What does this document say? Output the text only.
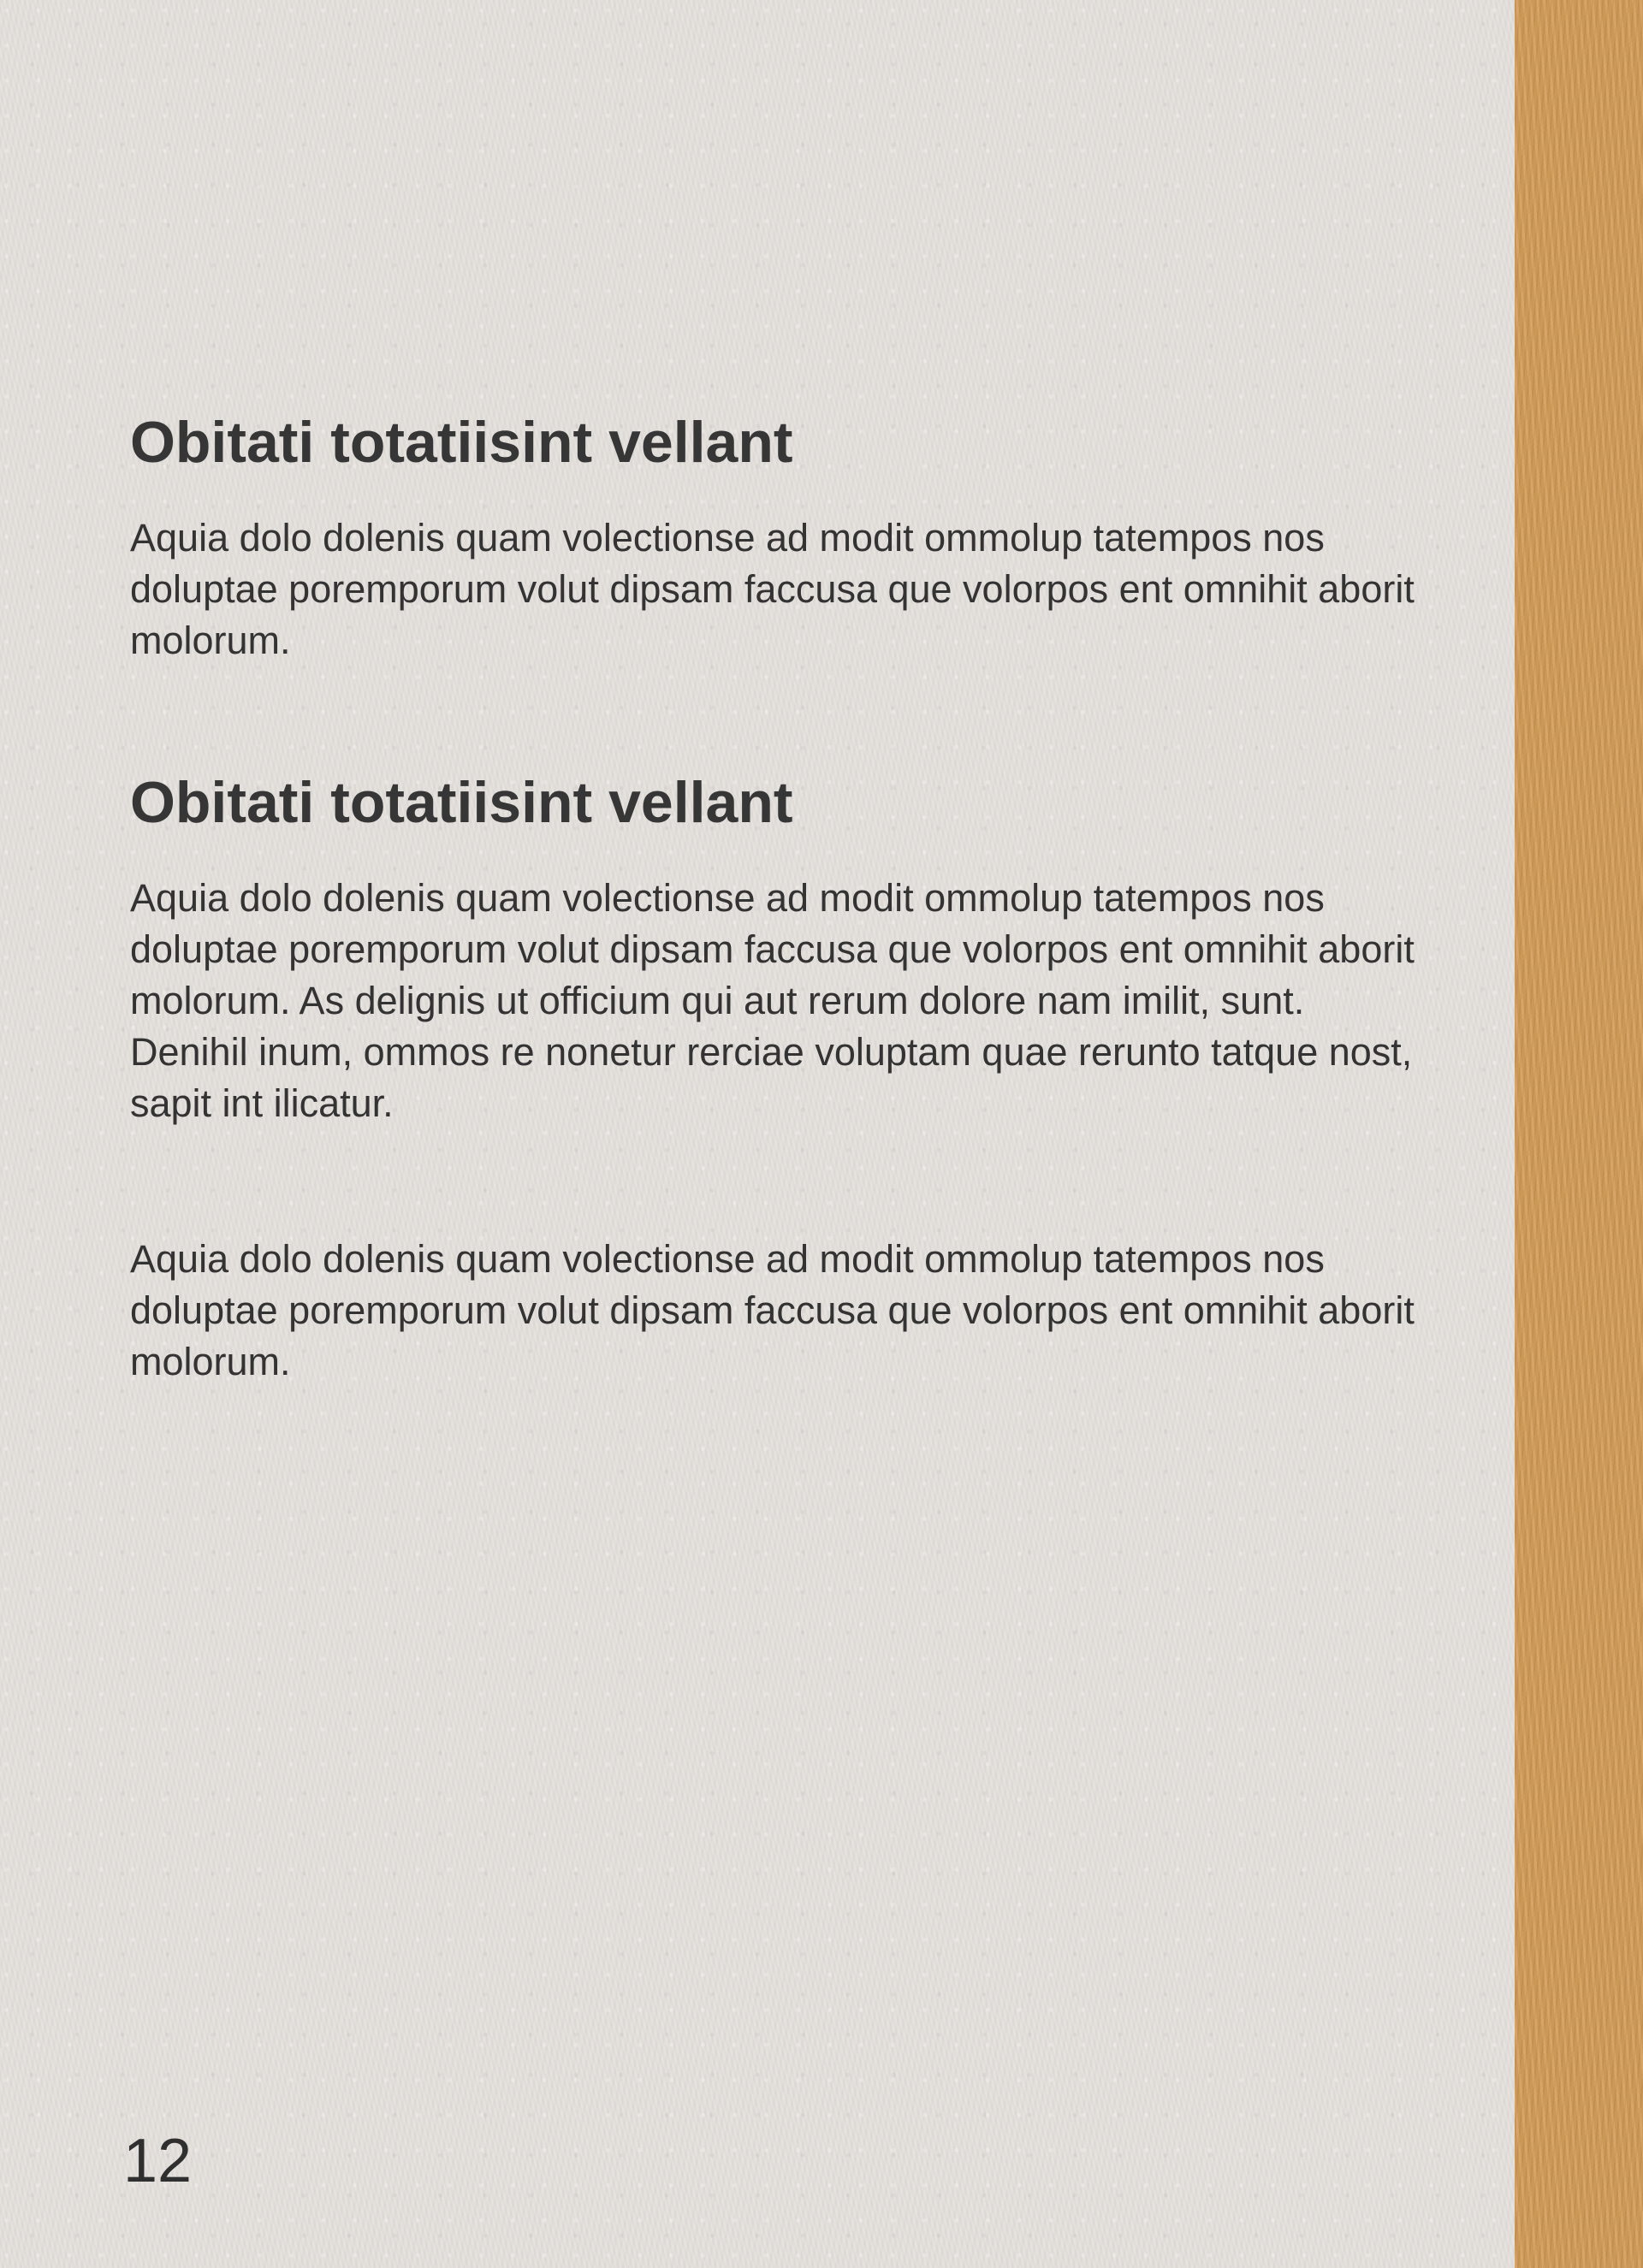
Obitati totatiisint vellant

Aquia dolo dolenis quam volectionse ad modit ommolup tatempos nos doluptae poremporum volut dipsam faccusa que volorpos ent omnihit aborit molorum.

Obitati totatiisint vellant

Aquia dolo dolenis quam volectionse ad modit ommolup tatempos nos doluptae poremporum volut dipsam faccusa que volorpos ent omnihit aborit molorum. As delignis ut officium qui aut rerum dolore nam imilit, sunt. Denihil inum, ommos re nonetur rerciae voluptam quae rerunto tatque nost, sapit int ilicatur.

Aquia dolo dolenis quam volectionse ad modit ommolup tatempos nos doluptae poremporum volut dipsam faccusa que volorpos ent omnihit aborit molorum.

12
